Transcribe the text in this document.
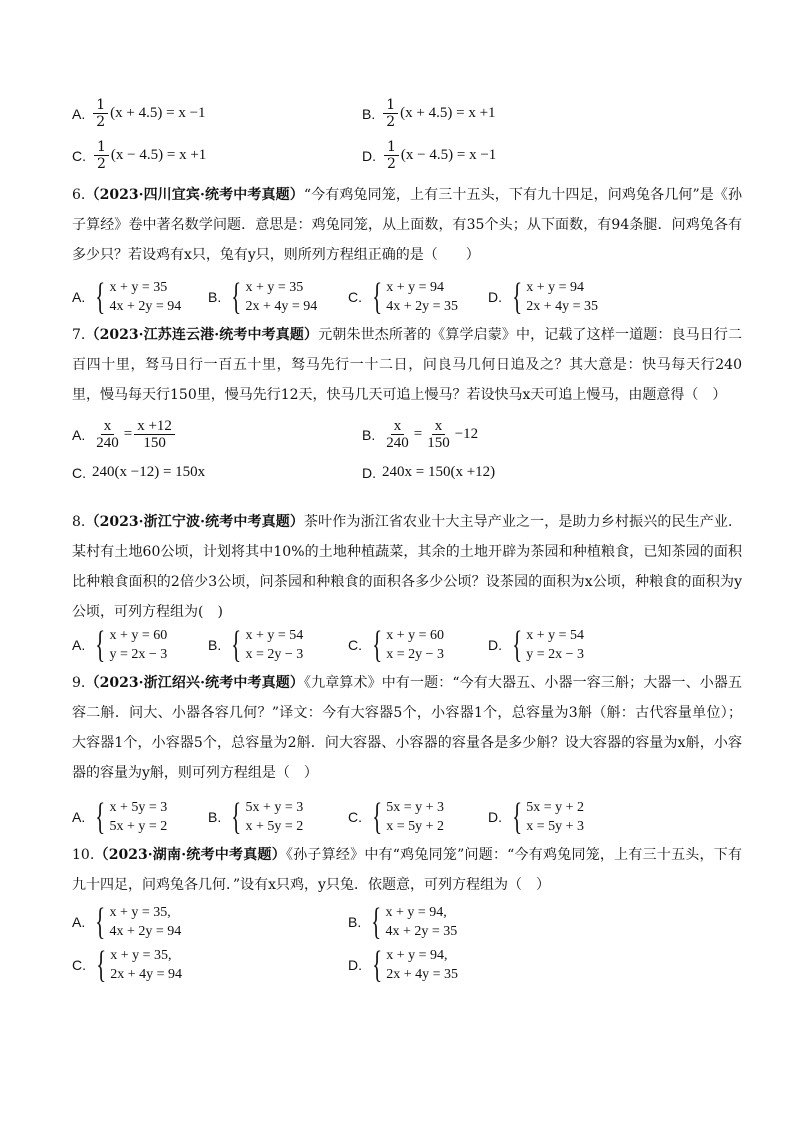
A. $\frac{1}{2} (x + 4.5) = x -1$	B. $\frac{1}{2} (x + 4.5) = x +1$
C. $\frac{1}{2} (x - 4.5) = x +1$	D. $\frac{1}{2} (x - 4.5) = x -1$
6.（2023·四川宜宾·统考中考真题）“今有鸡兔同笼，上有三十五头，下有九十四足，问鸡兔各几何”是《孙子算经》卷中著名数学问题．意思是：鸡兔同笼，从上面数，有35个头；从下面数，有94条腿．问鸡兔各有多少只？若设鸡有x只，兔有y只，则所列方程组正确的是（　　）
A. { x + y = 35
4x + 2y = 94
B. { x + y = 35
2x + 4y = 94
C. { x + y = 94
4x + 2y = 35
D. { x + y = 94
2x + 4y = 35
7.（2023·江苏连云港·统考中考真题）元朝朱世杰所著的《算学启蒙》中，记载了这样一道题：良马日行二百四十里，驽马日行一百五十里，驽马先行一十二日，问良马几何日追及之？其大意是：快马每天行240里，慢马每天行150里，慢马先行12天，快马几天可追上慢马？若设快马x天可追上慢马，由题意得（　）
A. $\frac{x}{240} = \frac{x +12}{150}$	B. $\frac{x}{240} = \frac{x}{150} -12$
C. 240(x −12) = 150x	D. 240x = 150(x +12)
8.（2023·浙江宁波·统考中考真题）茶叶作为浙江省农业十大主导产业之一，是助力乡村振兴的民生产业．某村有土地60公顷，计划将其中10%的土地种植蔬菜，其余的土地开辟为茶园和种植粮食，已知茶园的面积比种粮食面积的2倍少3公顷，问茶园和种粮食的面积各多少公顷？设茶园的面积为x公顷，种粮食的面积为y公顷，可列方程组为(　)
A. { x + y = 60
y = 2x − 3
B. { x + y = 54
x = 2y − 3
C. { x + y = 60
x = 2y − 3
D. { x + y = 54
y = 2x − 3
9.（2023·浙江绍兴·统考中考真题）《九章算术》中有一题：“今有大器五、小器一容三斛；大器一、小器五容二斛．问大、小器各容几何？”译文：今有大容器5个，小容器1个，总容量为3斛（斛：古代容量单位）；大容器1个，小容器5个，总容量为2斛．问大容器、小容器的容量各是多少斛？设大容器的容量为x斛，小容器的容量为y斛，则可列方程组是（　）
A. { x + 5y = 3
5x + y = 2
B. { 5x + y = 3
x + 5y = 2
C. { 5x = y + 3
x = 5y + 2
D. { 5x = y + 2
x = 5y + 3
10.（2023·湖南·统考中考真题）《孙子算经》中有“鸡兔同笼”问题：“今有鸡兔同笼，上有三十五头，下有九十四足，问鸡兔各几何．”设有x只鸡，y只兔．依题意，可列方程组为（　）
A. { x + y = 35,
4x + 2y = 94
B. { x + y = 94,
4x + 2y = 35
C. { x + y = 35,
2x + 4y = 94
D. { x + y = 94,
2x + 4y = 35
